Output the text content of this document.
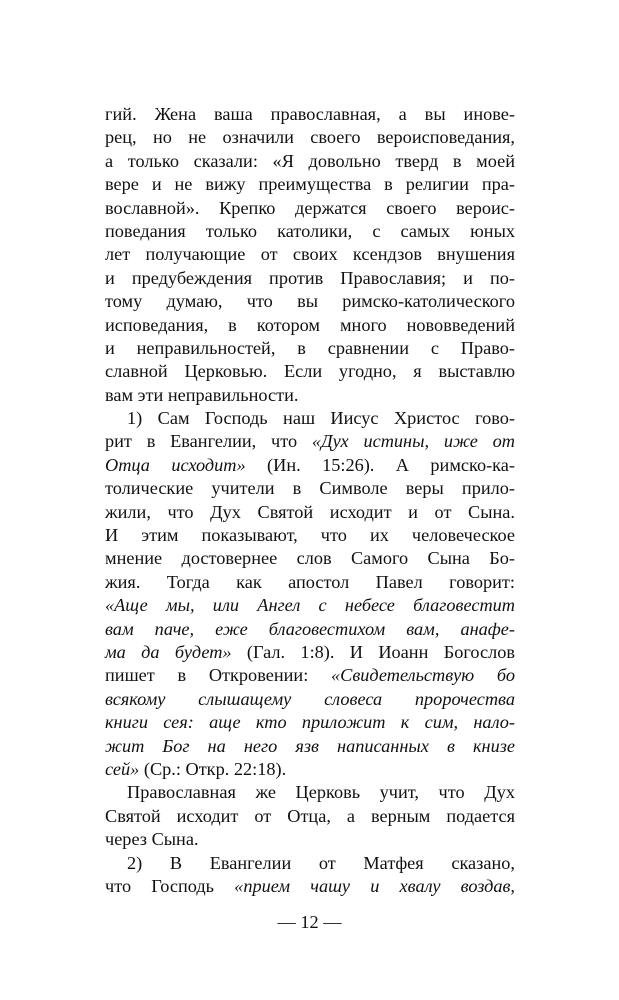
гий. Жена ваша православная, а вы инове-
рец, но не означили своего вероисповедания,
а только сказали: «Я довольно тверд в моей
вере и не вижу преимущества в религии пра-
вославной». Крепко держатся своего вероис-
поведания только католики, с самых юных
лет получающие от своих ксендзов внушения
и предубеждения против Православия; и по-
тому думаю, что вы римско-католического
исповедания, в котором много нововведений
и неправильностей, в сравнении с Право-
славной Церковью. Если угодно, я выставлю
вам эти неправильности.
1) Сам Господь наш Иисус Христос гово-
рит в Евангелии, что «Дух истины, иже от
Отца исходит» (Ин. 15:26). А римско-ка-
толические учители в Символе веры прило-
жили, что Дух Святой исходит и от Сына.
И этим показывают, что их человеческое
мнение достовернее слов Самого Сына Бо-
жия. Тогда как апостол Павел говорит:
«Аще мы, или Ангел с небесе благовестит
вам паче, еже благовестихом вам, анафе-
ма да будет» (Гал. 1:8). И Иоанн Богослов
пишет в Откровении: «Свидетельствую бо
всякому слышащему словеса пророчества
книги сея: аще кто приложит к сим, нало-
жит Бог на него язв написанных в книзе
сей» (Ср.: Откр. 22:18).
Православная же Церковь учит, что Дух
Святой исходит от Отца, а верным подается
через Сына.
2) В Евангелии от Матфея сказано,
что Господь «прием чашу и хвалу воздав,
— 12 —
